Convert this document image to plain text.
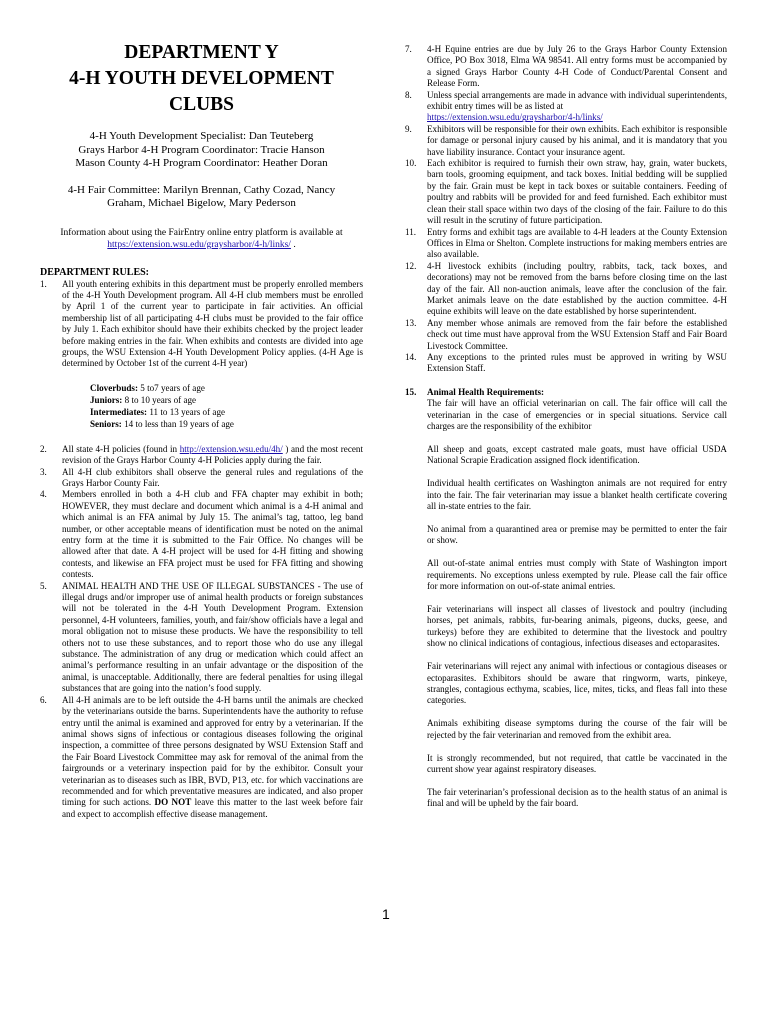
DEPARTMENT Y
4-H YOUTH DEVELOPMENT
CLUBS
4-H Youth Development Specialist: Dan Teuteberg
Grays Harbor 4-H Program Coordinator: Tracie Hanson
Mason County 4-H Program Coordinator: Heather Doran
4-H Fair Committee: Marilyn Brennan, Cathy Cozad, Nancy
Graham, Michael Bigelow, Mary Pederson
Information about using the FairEntry online entry platform is available at
https://extension.wsu.edu/graysharbor/4-h/links/ .
DEPARTMENT RULES:
1.	All youth entering exhibits in this department must be properly enrolled members of the 4-H Youth Development program. All 4-H club members must be enrolled by April 1 of the current year to participate in fair activities. An official membership list of all participating 4-H clubs must be provided to the fair office by July 1. Each exhibitor should have their exhibits checked by the project leader before making entries in the fair. When exhibits and contests are divided into age groups, the WSU Extension 4-H Youth Development Policy applies. (4-H Age is determined by October 1st of the current 4-H year)
Cloverbuds: 5 to7 years of age
Juniors: 8 to 10 years of age
Intermediates: 11 to 13 years of age
Seniors: 14 to less than 19 years of age
2.	All state 4-H policies (found in http://extension.wsu.edu/4h/ ) and the most recent revision of the Grays Harbor County 4-H Policies apply during the fair.
3.	All 4-H club exhibitors shall observe the general rules and regulations of the Grays Harbor County Fair.
4.	Members enrolled in both a 4-H club and FFA chapter may exhibit in both; HOWEVER, they must declare and document which animal is a 4-H animal and which animal is an FFA animal by July 15. The animal’s tag, tattoo, leg band number, or other acceptable means of identification must be noted on the animal entry form at the time it is submitted to the Fair Office. No changes will be allowed after that date. A 4-H project will be used for 4-H fitting and showing contests, and likewise an FFA project must be used for FFA fitting and showing contests.
5.	ANIMAL HEALTH AND THE USE OF ILLEGAL SUBSTANCES - The use of illegal drugs and/or improper use of animal health products or foreign substances will not be tolerated in the 4-H Youth Development Program. Extension personnel, 4-H volunteers, families, youth, and fair/show officials have a legal and moral obligation not to misuse these products. We have the responsibility to tell others not to use these substances, and to report those who do use any illegal substance. The administration of any drug or medication which could affect an animal’s performance resulting in an unfair advantage or the disposition of the animal, is unacceptable. Additionally, there are federal penalties for using illegal substances that are going into the nation’s food supply.
6.	All 4-H animals are to be left outside the 4-H barns until the animals are checked by the veterinarians outside the barns. Superintendents have the authority to refuse entry until the animal is examined and approved for entry by a veterinarian. If the animal shows signs of infectious or contagious diseases following the original inspection, a committee of three persons designated by WSU Extension Staff and the Fair Board Livestock Committee may ask for removal of the animal from the fairgrounds or a veterinary inspection paid for by the exhibitor. Consult your veterinarian as to diseases such as IBR, BVD, P13, etc. for which vaccinations are recommended and for which preventative measures are indicated, and also proper timing for such actions. DO NOT leave this matter to the last week before fair and expect to accomplish effective disease management.
7.	4-H Equine entries are due by July 26 to the Grays Harbor County Extension Office, PO Box 3018, Elma WA 98541. All entry forms must be accompanied by a signed Grays Harbor County 4-H Code of Conduct/Parental Consent and Release Form.
8.	Unless special arrangements are made in advance with individual superintendents, exhibit entry times will be as listed at
https://extension.wsu.edu/graysharbor/4-h/links/
9.	Exhibitors will be responsible for their own exhibits. Each exhibitor is responsible for damage or personal injury caused by his animal, and it is mandatory that you have liability insurance. Contact your insurance agent.
10.	Each exhibitor is required to furnish their own straw, hay, grain, water buckets, barn tools, grooming equipment, and tack boxes. Initial bedding will be supplied by the fair. Grain must be kept in tack boxes or suitable containers. Feeding of poultry and rabbits will be provided for and feed furnished. Each exhibitor must clean their stall space within two days of the closing of the fair. Failure to do this will result in the scrutiny of future participation.
11.	Entry forms and exhibit tags are available to 4-H leaders at the County Extension Offices in Elma or Shelton. Complete instructions for making members entries are also available.
12.	4-H livestock exhibits (including poultry, rabbits, tack, tack boxes, and decorations) may not be removed from the barns before closing time on the last day of the fair. All non-auction animals, leave after the conclusion of the fair. Market animals leave on the date established by the auction committee. 4-H equine exhibits will leave on the date established by horse superintendent.
13.	Any member whose animals are removed from the fair before the established check out time must have approval from the WSU Extension Staff and Fair Board Livestock Committee.
14.	Any exceptions to the printed rules must be approved in writing by WSU Extension Staff.
15.	Animal Health Requirements:
The fair will have an official veterinarian on call. The fair office will call the veterinarian in the case of emergencies or in special situations. Service call charges are the responsibility of the exhibitor
All sheep and goats, except castrated male goats, must have official USDA National Scrapie Eradication assigned flock identification.
Individual health certificates on Washington animals are not required for entry into the fair. The fair veterinarian may issue a blanket health certificate covering all in-state entries to the fair.
No animal from a quarantined area or premise may be permitted to enter the fair or show.
All out-of-state animal entries must comply with State of Washington import requirements. No exceptions unless exempted by rule. Please call the fair office for more information on out-of-state animal entries.
Fair veterinarians will inspect all classes of livestock and poultry (including horses, pet animals, rabbits, fur-bearing animals, pigeons, ducks, geese, and turkeys) before they are exhibited to determine that the livestock and poultry show no clinical indications of contagious, infectious diseases and ectoparasites.
Fair veterinarians will reject any animal with infectious or contagious diseases or ectoparasites. Exhibitors should be aware that ringworm, warts, pinkeye, strangles, contagious ecthyma, scabies, lice, mites, ticks, and fleas fall into these categories.
Animals exhibiting disease symptoms during the course of the fair will be rejected by the fair veterinarian and removed from the exhibit area.
It is strongly recommended, but not required, that cattle be vaccinated in the current show year against respiratory diseases.
The fair veterinarian’s professional decision as to the health status of an animal is final and will be upheld by the fair board.
1
